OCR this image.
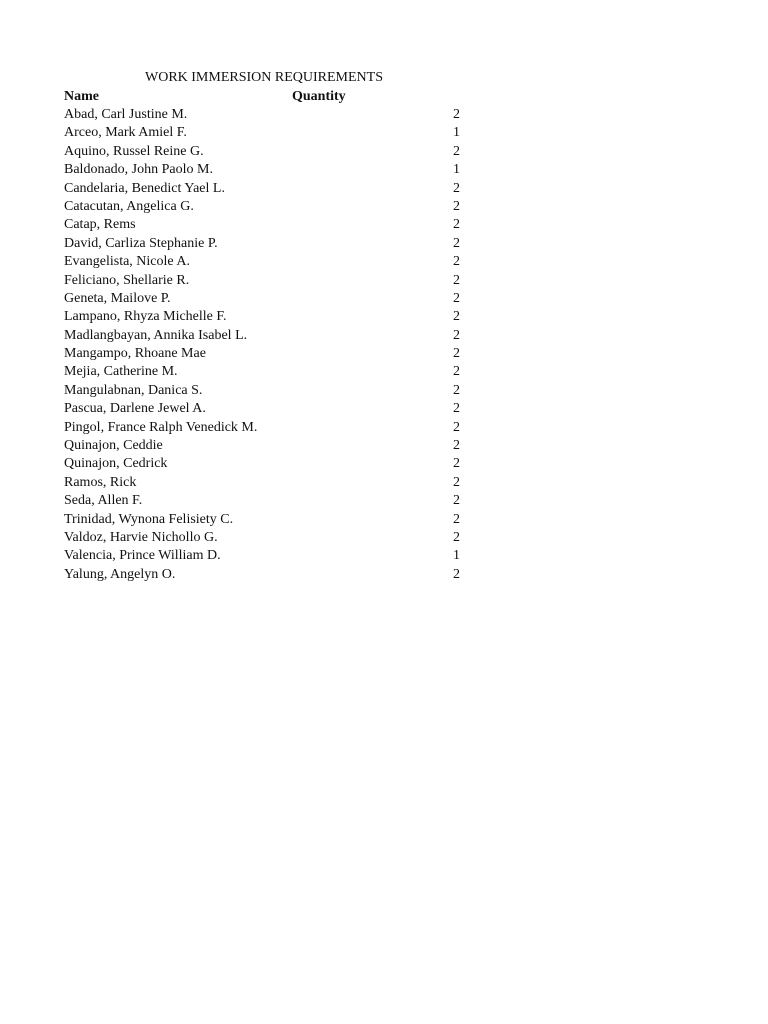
WORK IMMERSION REQUIREMENTS
Name	Quantity
Abad, Carl Justine M.	2
Arceo, Mark Amiel F.	1
Aquino, Russel Reine G.	2
Baldonado, John Paolo M.	1
Candelaria, Benedict Yael L.	2
Catacutan, Angelica G.	2
Catap, Rems	2
David, Carliza Stephanie P.	2
Evangelista, Nicole A.	2
Feliciano, Shellarie R.	2
Geneta, Mailove P.	2
Lampano, Rhyza Michelle F.	2
Madlangbayan, Annika Isabel L.	2
Mangampo, Rhoane Mae	2
Mejia, Catherine M.	2
Mangulabnan, Danica S.	2
Pascua, Darlene Jewel A.	2
Pingol, France Ralph Venedick M.	2
Quinajon, Ceddie	2
Quinajon, Cedrick	2
Ramos, Rick	2
Seda, Allen F.	2
Trinidad, Wynona Felisiety C.	2
Valdoz, Harvie Nichollo G.	2
Valencia, Prince William D.	1
Yalung, Angelyn O.	2
